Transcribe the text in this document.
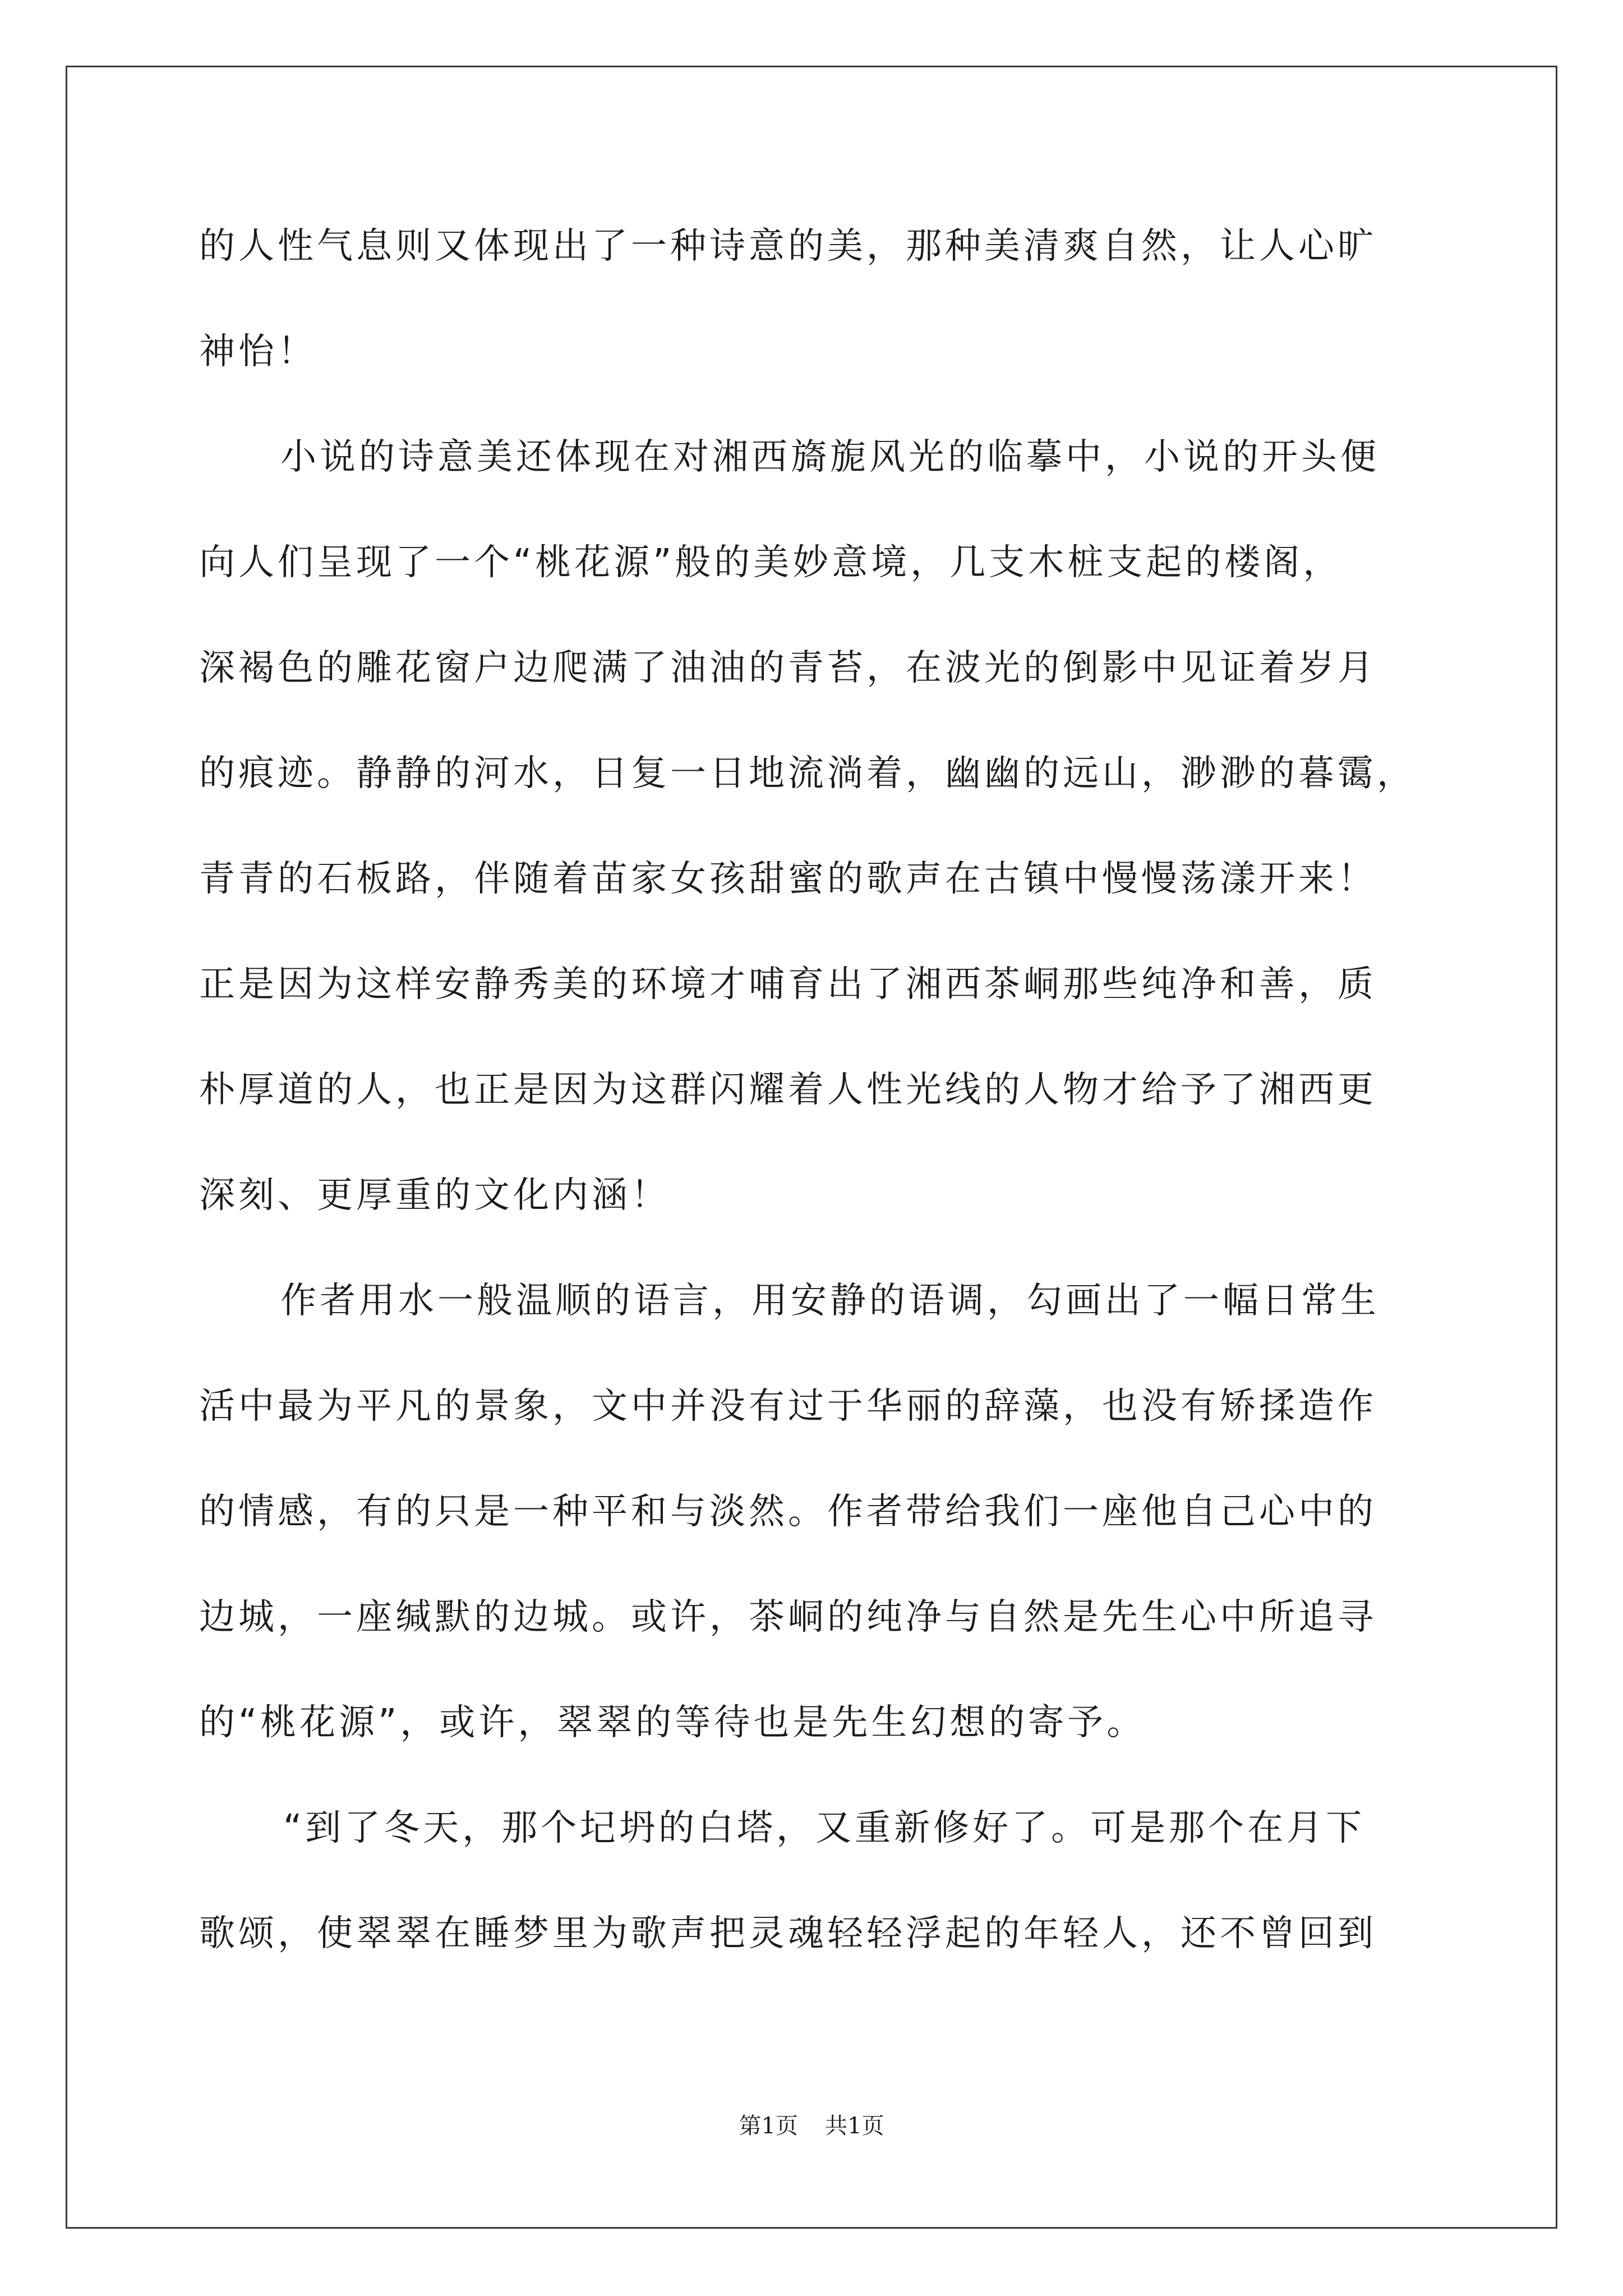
的人性气息则又体现出了一种诗意的美，那种美清爽自然，让人心旷
神怡！
小说的诗意美还体现在对湘西旖旎风光的临摹中，小说的开头便
向人们呈现了一个“桃花源”般的美妙意境，几支木桩支起的楼阁，
深褐色的雕花窗户边爬满了油油的青苔，在波光的倒影中见证着岁月
的痕迹。静静的河水，日复一日地流淌着，幽幽的远山，渺渺的暮霭，
青青的石板路，伴随着苗家女孩甜蜜的歌声在古镇中慢慢荡漾开来！
正是因为这样安静秀美的环境才哺育出了湘西茶峒那些纯净和善，质
朴厚道的人，也正是因为这群闪耀着人性光线的人物才给予了湘西更
深刻、更厚重的文化内涵！
作者用水一般温顺的语言，用安静的语调，勾画出了一幅日常生
活中最为平凡的景象，文中并没有过于华丽的辞藻，也没有矫揉造作
的情感，有的只是一种平和与淡然。作者带给我们一座他自己心中的
边城，一座缄默的边城。或许，茶峒的纯净与自然是先生心中所追寻
的“桃花源”，或许，翠翠的等待也是先生幻想的寄予。
“到了冬天，那个圮坍的白塔，又重新修好了。可是那个在月下
歌颂，使翠翠在睡梦里为歌声把灵魂轻轻浮起的年轻人，还不曾回到
第1页 共1页
